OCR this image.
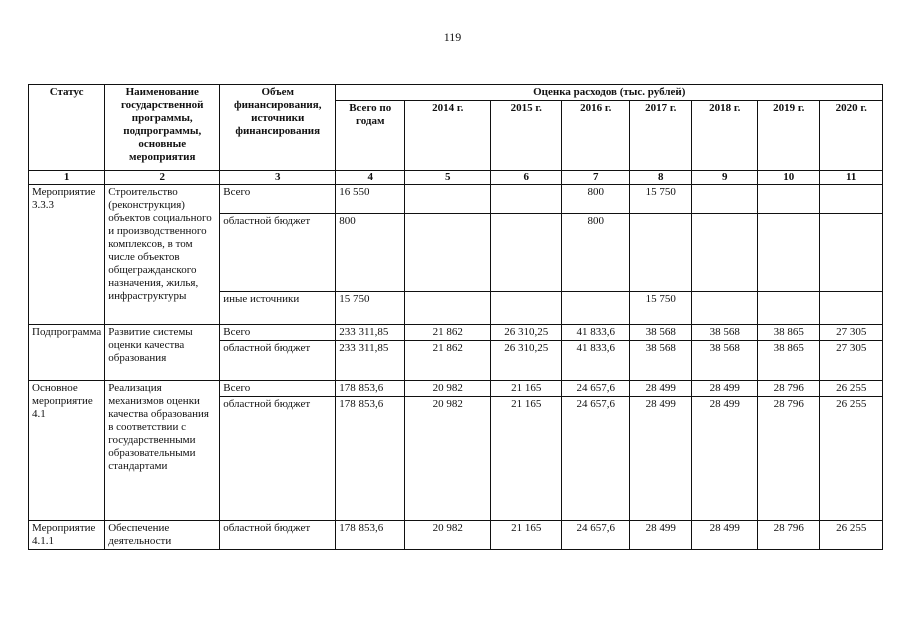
119
Статус	Наименование государственной программы, подпрограммы, основные мероприятия	Объем финансирования, источники финансирования	Оценка расходов (тыс. рублей)							
			Всего по годам	2014 г.	2015 г.	2016 г.	2017 г.	2018 г.	2019 г.	2020 г.
1	2	3	4	5	6	7	8	9	10	11
Мероприятие 3.3.3	Строительство (реконструкция) объектов социального и производственного комплексов, в том числе объектов общегражданского назначения, жилья, инфраструктуры	Всего	16 550			800	15 750			
		областной бюджет	800			800				
		иные источники	15 750				15 750			
Подпрограмма	Развитие системы оценки качества образования	Всего	233 311,85	21 862	26 310,25	41 833,6	38 568	38 568	38 865	27 305
		областной бюджет	233 311,85	21 862	26 310,25	41 833,6	38 568	38 568	38 865	27 305
Основное мероприятие 4.1	Реализация механизмов оценки качества образования в соответствии с государственными образовательными стандартами	Всего	178 853,6	20 982	21 165	24 657,6	28 499	28 499	28 796	26 255
		областной бюджет	178 853,6	20 982	21 165	24 657,6	28 499	28 499	28 796	26 255
Мероприятие 4.1.1	Обеспечение деятельности	областной бюджет	178 853,6	20 982	21 165	24 657,6	28 499	28 499	28 796	26 255
